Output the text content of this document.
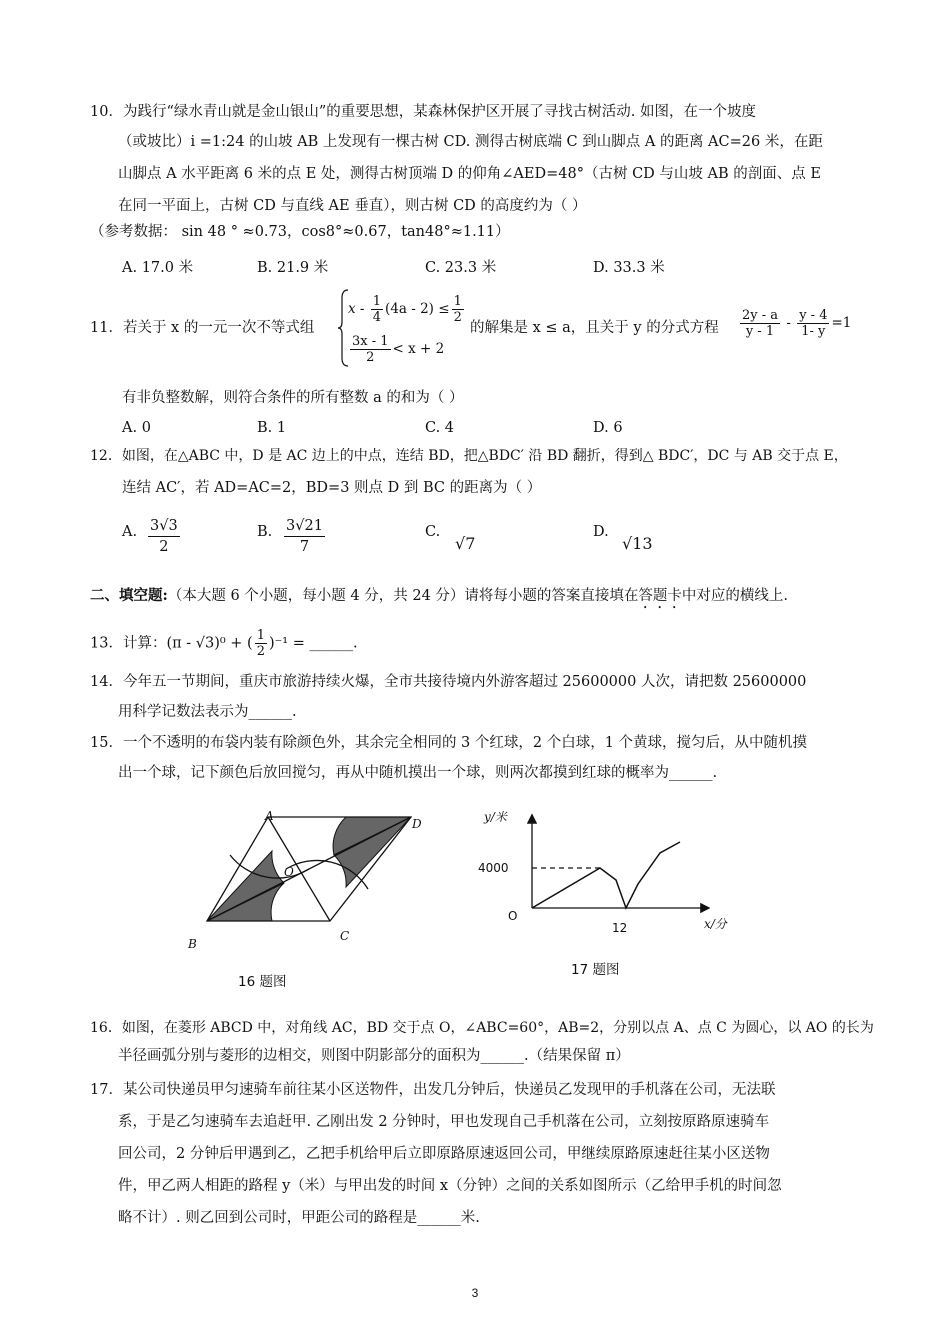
10．为践行“绿水青山就是金山银山”的重要思想，某森林保护区开展了寻找古树活动. 如图，在一个坡度
（或坡比）i =1:24 的山坡 AB 上发现有一棵古树 CD. 测得古树底端 C 到山脚点 A 的距离 AC=26 米，在距
山脚点 A 水平距离 6 米的点 E 处，测得古树顶端 D 的仰角∠AED=48°（古树 CD 与山坡 AB 的剖面、点 E
在同一平面上，古树 CD 与直线 AE 垂直），则古树 CD 的高度约为（ ）
（参考数据： sin 48 ° ≈0.73，cos8°≈0.67，tan48°≈1.11）
A. 17.0 米	B. 21.9 米	C. 23.3 米	D. 33.3 米
11．若关于 x 的一元一次不等式组
$x - \frac{1}{4} (4a - 2) \le \frac{1}{2}$
$\frac{3x - 1}{2} < x + 2$
的解集是 x ≤ a，且关于 y 的分式方程 $\frac{2y - a}{y - 1} - \frac{y - 4}{1- y} =1$
有非负整数解，则符合条件的所有整数 a 的和为（ ）
A. 0	B. 1	C. 4	D. 6
12．如图，在△ABC 中，D 是 AC 边上的中点，连结 BD，把△BDC′ 沿 BD 翻折，得到△ BDC′，DC 与 AB 交于点 E，
连结 AC′，若 AD=AC=2，BD=3 则点 D 到 BC 的距离为（ ）
A. $\frac{3√3}{2}$	B. $\frac{3√21}{7}$	C.
√7
D.
√13
二、填空题:（本大题 6 个小题，每小题 4 分，共 24 分）请将每小题的答案直接填在答题卡中对应的横线上.
13．计算：(π - √3)⁰ + ( $\frac{1}{2} )^{-1}$ = ______.
14．今年五一节期间，重庆市旅游持续火爆，全市共接待境内外游客超过 25600000 人次，请把数 25600000
用科学记数法表示为______.
15．一个不透明的布袋内装有除颜色外，其余完全相同的 3 个红球，2 个白球，1 个黄球，搅匀后，从中随机摸
出一个球，记下颜色后放回搅匀，再从中随机摸出一个球，则两次都摸到红球的概率为______.
A
D
O
B
C
16 题图
y/米
4000
O
12	x/分
17 题图
16．如图，在菱形 ABCD 中，对角线 AC，BD 交于点 O，∠ABC=60°，AB=2，分别以点 A、点 C 为圆心，以 AO 的长为
半径画弧分别与菱形的边相交，则图中阴影部分的面积为______.（结果保留 π）
17．某公司快递员甲匀速骑车前往某小区送物件，出发几分钟后，快递员乙发现甲的手机落在公司，无法联
系，于是乙匀速骑车去追赶甲. 乙刚出发 2 分钟时，甲也发现自己手机落在公司，立刻按原路原速骑车
回公司，2 分钟后甲遇到乙，乙把手机给甲后立即原路原速返回公司，甲继续原路原速赶往某小区送物
件，甲乙两人相距的路程 y（米）与甲出发的时间 x（分钟）之间的关系如图所示（乙给甲手机的时间忽
略不计）. 则乙回到公司时，甲距公司的路程是______米.
3
